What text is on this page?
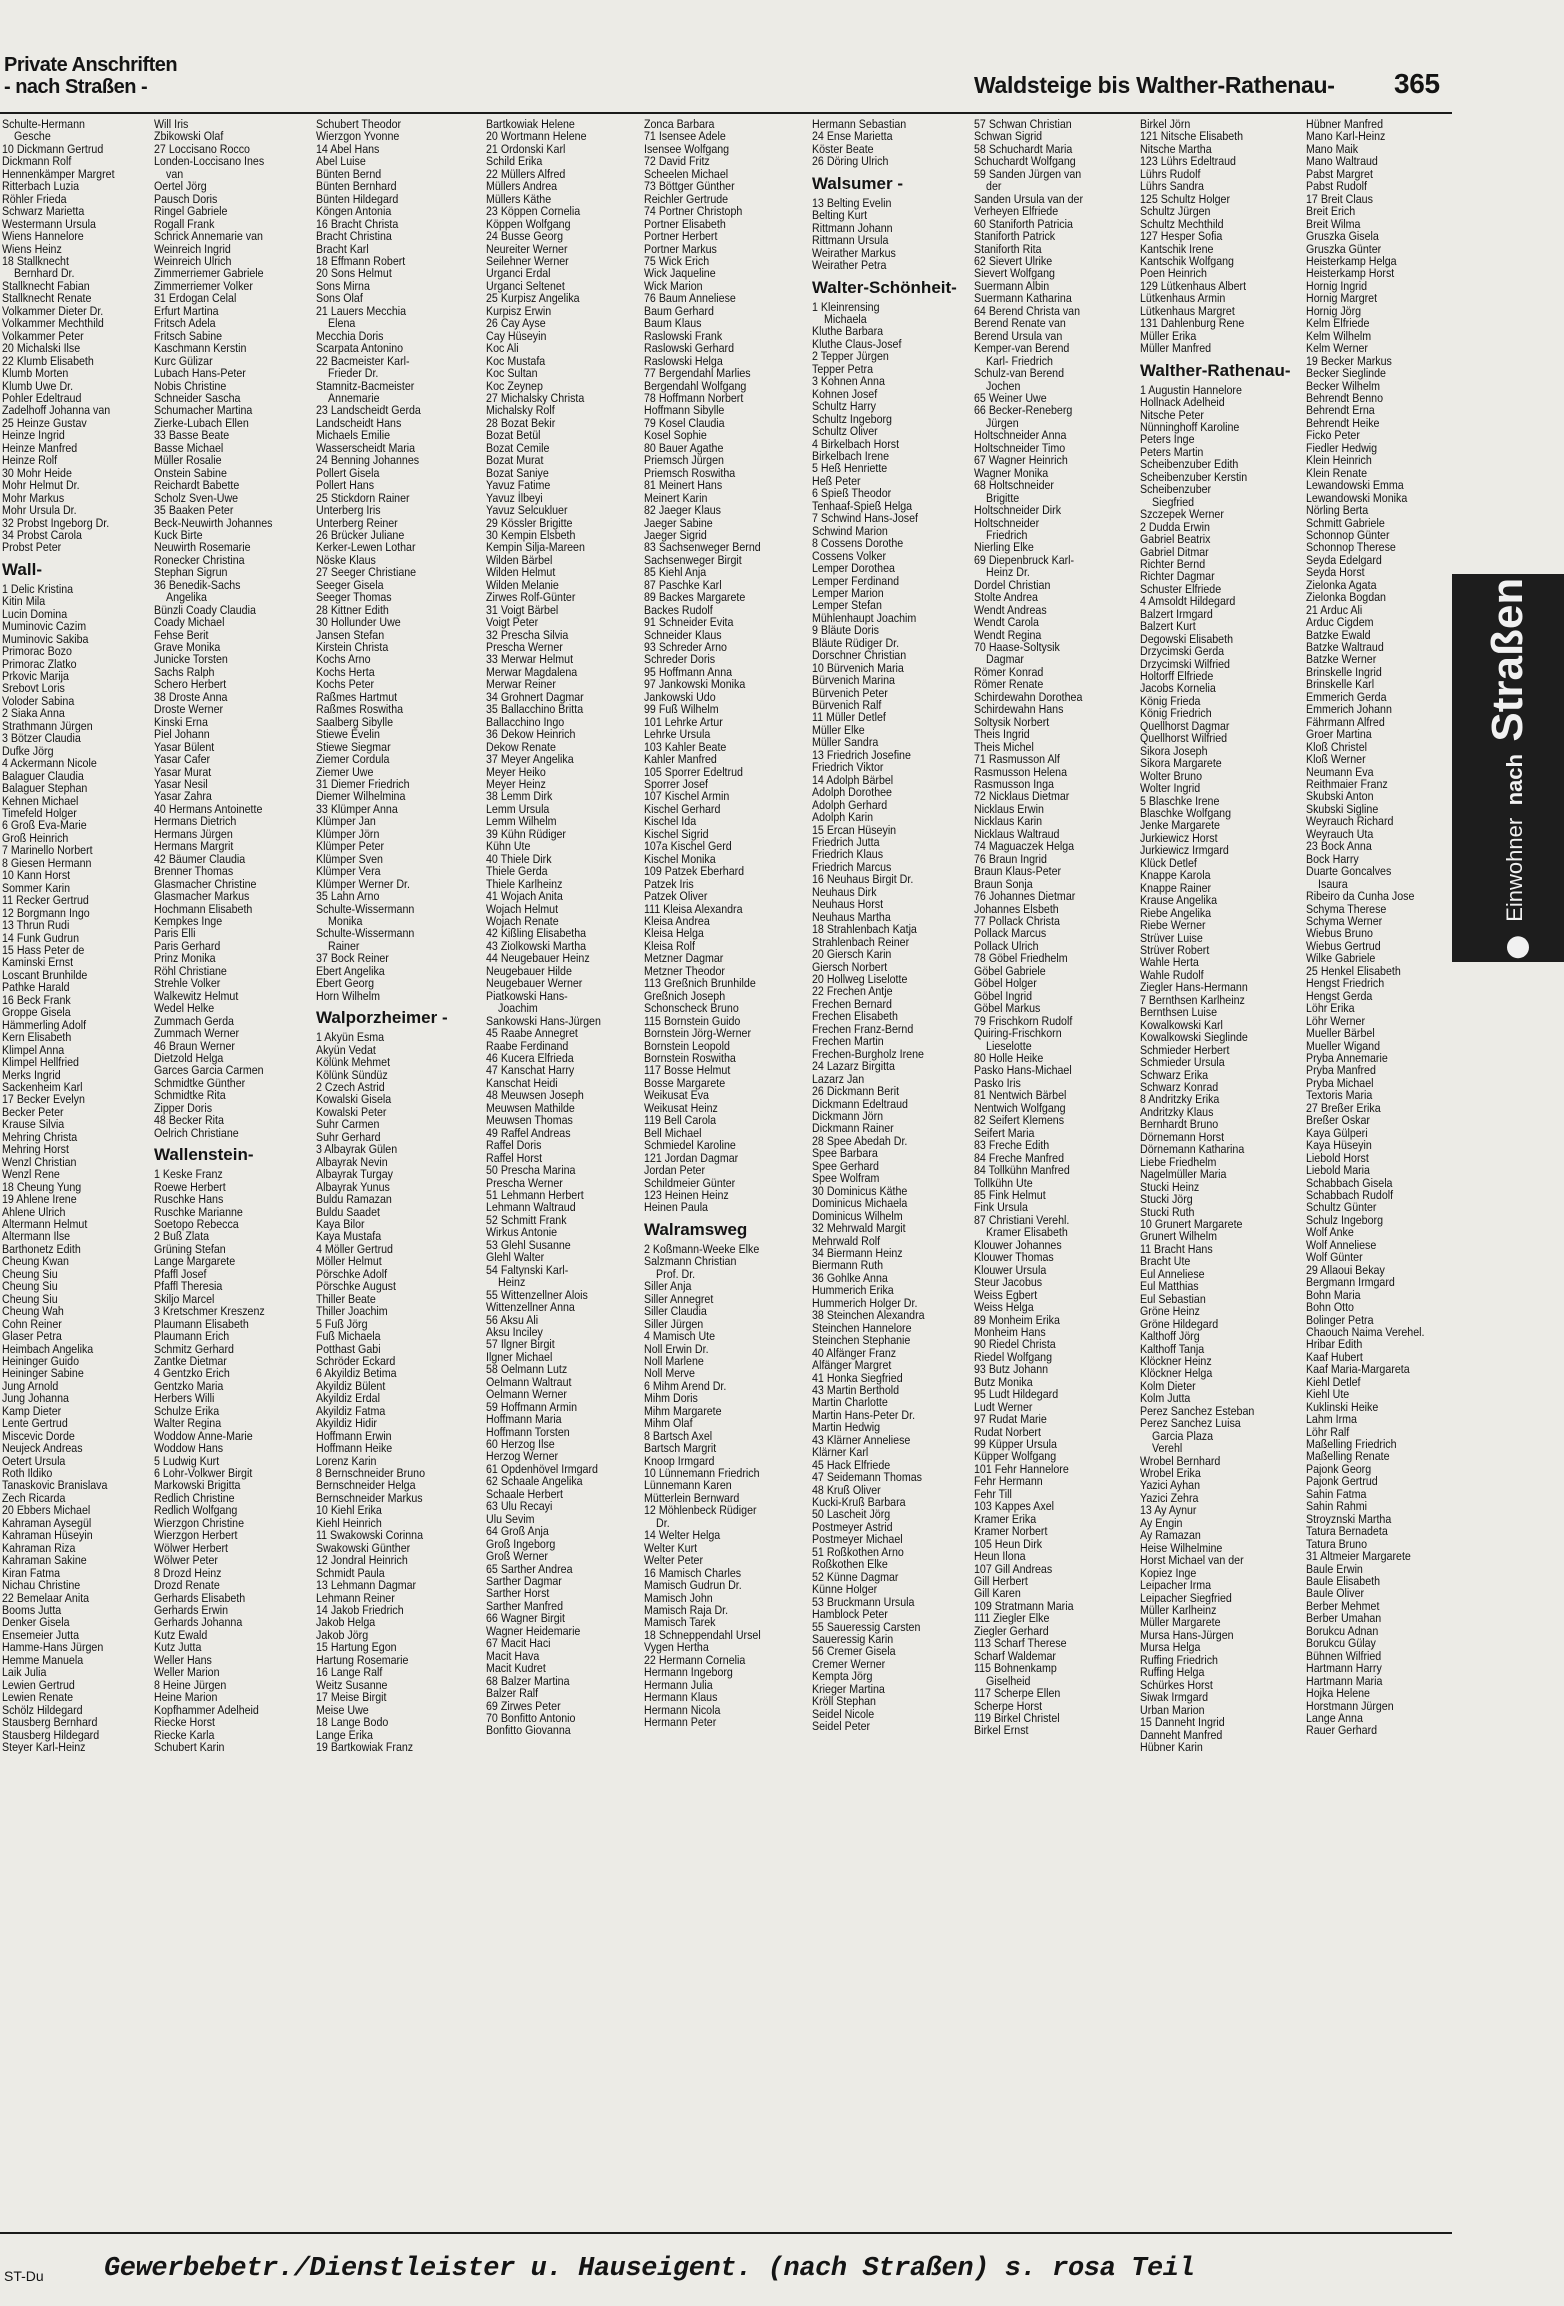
Private Anschriften
- nach Straßen -	Waldsteige bis Walther-Rathenau- 365
Schulte-Hermann
Gesche
10 Dickmann Gertrud
Dickmann Rolf
Hennenkämper Margret
Ritterbach Luzia
Röhler Frieda
Schwarz Marietta
Westermann Ursula
Wiens Hannelore
Wiens Heinz
18 Stallknecht
Bernhard Dr.
Stallknecht Fabian
Stallknecht Renate
Volkammer Dieter Dr.
Volkammer Mechthild
Volkammer Peter
20 Michalski Ilse
22 Klumb Elisabeth
Klumb Morten
Klumb Uwe Dr.
Pohler Edeltraud
Zadelhoff Johanna van
25 Heinze Gustav
Heinze Ingrid
Heinze Manfred
Heinze Rolf
30 Mohr Heide
Mohr Helmut Dr.
Mohr Markus
Mohr Ursula Dr.
32 Probst Ingeborg Dr.
34 Probst Carola
Probst Peter
Wall-
1 Delic Kristina
Kitin Mila
Lucin Domina
Muminovic Cazim
Muminovic Sakiba
Primorac Bozo
Primorac Zlatko
Prkovic Marija
Srebovt Loris
Voloder Sabina
2 Siaka Anna
Strathmann Jürgen
3 Bötzer Claudia
Dufke Jörg
4 Ackermann Nicole
Balaguer Claudia
Balaguer Stephan
Kehnen Michael
Timefeld Holger
6 Groß Eva-Marie
Groß Heinrich
7 Marinello Norbert
8 Giesen Hermann
10 Kann Horst
Sommer Karin
11 Recker Gertrud
12 Borgmann Ingo
13 Thrun Rudi
14 Funk Gudrun
15 Hass Peter de
Kaminski Ernst
Loscant Brunhilde
Pathke Harald
16 Beck Frank
Groppe Gisela
Hämmerling Adolf
Kern Elisabeth
Klimpel Anna
Klimpel Hellfried
Merks Ingrid
Sackenheim Karl
17 Becker Evelyn
Becker Peter
Krause Silvia
Mehring Christa
Mehring Horst
Wenzl Christian
Wenzl Rene
18 Cheung Yung
19 Ahlene Irene
Ahlene Ulrich
Altermann Helmut
Altermann Ilse
Barthonetz Edith
Cheung Kwan
Cheung Siu
Cheung Siu
Cheung Siu
Cheung Wah
Cohn Reiner
Glaser Petra
Heimbach Angelika
Heininger Guido
Heininger Sabine
Jung Arnold
Jung Johanna
Kamp Dieter
Lente Gertrud
Miscevic Dorde
Neujeck Andreas
Oetert Ursula
Roth Ildiko
Tanaskovic Branislava
Zech Ricarda
20 Ebbers Michael
Kahraman Aysegül
Kahraman Hüseyin
Kahraman Riza
Kahraman Sakine
Kiran Fatma
Nichau Christine
22 Bemelaar Anita
Booms Jutta
Denker Gisela
Ensemeier Jutta
Hamme-Hans Jürgen
Hemme Manuela
Laik Julia
Lewien Gertrud
Lewien Renate
Schölz Hildegard
Stausberg Bernhard
Stausberg Hildegard
Steyer Karl-Heinz
Will Iris
Zbikowski Olaf
27 Loccisano Rocco
Londen-Loccisano Ines
van
Oertel Jörg
Pausch Doris
Ringel Gabriele
Rogall Frank
Schrick Annemarie van
Weinreich Ingrid
Weinreich Ulrich
Zimmerriemer Gabriele
Zimmerriemer Volker
31 Erdogan Celal
Erfurt Martina
Fritsch Adela
Fritsch Sabine
Kaschmann Kerstin
Kurc Gülizar
Lubach Hans-Peter
Nobis Christine
Schneider Sascha
Schumacher Martina
Zierke-Lubach Ellen
33 Basse Beate
Basse Michael
Müller Rosalie
Onstein Sabine
Reichardt Babette
Scholz Sven-Uwe
35 Baaken Peter
Beck-Neuwirth Johannes
Kuck Birte
Neuwirth Rosemarie
Ronecker Christina
Stephan Sigrun
36 Benedik-Sachs
Angelika
Bünzli Coady Claudia
Coady Michael
Fehse Berit
Grave Monika
Junicke Torsten
Sachs Ralph
Schero Herbert
38 Droste Anna
Droste Werner
Kinski Erna
Piel Johann
Yasar Bülent
Yasar Cafer
Yasar Murat
Yasar Nesil
Yasar Zahra
40 Hermans Antoinette
Hermans Dietrich
Hermans Jürgen
Hermans Margrit
42 Bäumer Claudia
Brenner Thomas
Glasmacher Christine
Glasmacher Markus
Hochmann Elisabeth
Kempkes Inge
Paris Elli
Paris Gerhard
Prinz Monika
Röhl Christiane
Strehle Volker
Walkewitz Helmut
Wedel Helke
Zummach Gerda
Zummach Werner
46 Braun Werner
Dietzold Helga
Garces Garcia Carmen
Schmidtke Günther
Schmidtke Rita
Zipper Doris
48 Becker Rita
Oelrich Christiane
Wallenstein-
1 Keske Franz
Roewe Herbert
Ruschke Hans
Ruschke Marianne
Soetopo Rebecca
2 Buß Zlata
Grüning Stefan
Lange Margarete
Pfaffl Josef
Pfaffl Theresia
Skiljo Marcel
3 Kretschmer Kreszenz
Plaumann Elisabeth
Plaumann Erich
Schmitz Gerhard
Zantke Dietmar
4 Gentzko Erich
Gentzko Maria
Herbers Willi
Schulze Erika
Walter Regina
Woddow Anne-Marie
Woddow Hans
5 Ludwig Kurt
6 Lohr-Volkwer Birgit
Markowski Brigitta
Redlich Christine
Redlich Wolfgang
Wierzgon Christine
Wierzgon Herbert
Wölwer Herbert
Wölwer Peter
8 Drozd Heinz
Drozd Renate
Gerhards Elisabeth
Gerhards Erwin
Gerhards Johanna
Kutz Ewald
Kutz Jutta
Weller Hans
Weller Marion
8 Heine Jürgen
Heine Marion
Kopfhammer Adelheid
Riecke Horst
Riecke Karla
Schubert Karin
Schubert Theodor
Wierzgon Yvonne
14 Abel Hans
Abel Luise
Bünten Bernd
Bünten Bernhard
Bünten Hildegard
Köngen Antonia
16 Bracht Christa
Bracht Christina
Bracht Karl
18 Effmann Robert
20 Sons Helmut
Sons Mirna
Sons Olaf
21 Lauers Mecchia
Elena
Mecchia Doris
Scarpata Antonino
22 Bacmeister Karl-
Frieder Dr.
Stamnitz-Bacmeister
Annemarie
23 Landscheidt Gerda
Landscheidt Hans
Michaels Emilie
Wasserscheidt Maria
24 Benning Johannes
Pollert Gisela
Pollert Hans
25 Stickdorn Rainer
Unterberg Iris
Unterberg Reiner
26 Brücker Juliane
Kerker-Lewen Lothar
Nöske Klaus
27 Seeger Christiane
Seeger Gisela
Seeger Thomas
28 Kittner Edith
30 Hollunder Uwe
Jansen Stefan
Kirstein Christa
Kochs Arno
Kochs Herta
Kochs Peter
Raßmes Hartmut
Raßmes Roswitha
Saalberg Sibylle
Stiewe Evelin
Stiewe Siegmar
Ziemer Cordula
Ziemer Uwe
31 Diemer Friedrich
Diemer Wilhelmina
33 Klümper Anna
Klümper Jan
Klümper Jörn
Klümper Peter
Klümper Sven
Klümper Vera
Klümper Werner Dr.
35 Lahn Arno
Schulte-Wissermann
Monika
Schulte-Wissermann
Rainer
37 Bock Reiner
Ebert Angelika
Ebert Georg
Horn Wilhelm
Walporzheimer -
1 Akyün Esma
Akyün Vedat
Kölünk Mehmet
Kölünk Sündüz
2 Czech Astrid
Kowalski Gisela
Kowalski Peter
Suhr Carmen
Suhr Gerhard
3 Albayrak Gülen
Albayrak Nevin
Albayrak Turgay
Albayrak Yunus
Buldu Ramazan
Buldu Saadet
Kaya Bilor
Kaya Mustafa
4 Möller Gertrud
Möller Helmut
Pörschke Adolf
Pörschke August
Thiller Beate
Thiller Joachim
5 Fuß Jörg
Fuß Michaela
Potthast Gabi
Schröder Eckard
6 Akyildiz Betima
Akyildiz Bülent
Akyildiz Erdal
Akyildiz Fatma
Akyildiz Hidir
Hoffmann Erwin
Hoffmann Heike
Lorenz Karin
8 Bernschneider Bruno
Bernschneider Helga
Bernschneider Markus
10 Kiehl Erika
Kiehl Heinrich
11 Swakowski Corinna
Swakowski Günther
12 Jondral Heinrich
Schmidt Paula
13 Lehmann Dagmar
Lehmann Reiner
14 Jakob Friedrich
Jakob Helga
Jakob Jörg
15 Hartung Egon
Hartung Rosemarie
16 Lange Ralf
Weitz Susanne
17 Meise Birgit
Meise Uwe
18 Lange Bodo
Lange Erika
19 Bartkowiak Franz
Bartkowiak Helene
20 Wortmann Helene
21 Ordonski Karl
Schild Erika
22 Müllers Alfred
Müllers Andrea
Müllers Käthe
23 Köppen Cornelia
Köppen Wolfgang
24 Busse Georg
Neureiter Werner
Seilehner Werner
Urganci Erdal
Urganci Seltenet
25 Kurpisz Angelika
Kurpisz Erwin
26 Cay Ayse
Cay Hüseyin
Koc Ali
Koc Mustafa
Koc Sultan
Koc Zeynep
27 Michalsky Christa
Michalsky Rolf
28 Bozat Bekir
Bozat Betül
Bozat Cemile
Bozat Murat
Bozat Saniye
Yavuz Fatime
Yavuz İlbeyi
Yavuz Selcukluer
29 Kössler Brigitte
30 Kempin Elsbeth
Kempin Silja-Mareen
Wilden Bärbel
Wilden Helmut
Wilden Melanie
Zirwes Rolf-Günter
31 Voigt Bärbel
Voigt Peter
32 Prescha Silvia
Prescha Werner
33 Merwar Helmut
Merwar Magdalena
Merwar Reiner
34 Grohnert Dagmar
35 Ballacchino Britta
Ballacchino Ingo
36 Dekow Heinrich
Dekow Renate
37 Meyer Angelika
Meyer Heiko
Meyer Heinz
38 Lemm Dirk
Lemm Ursula
Lemm Wilhelm
39 Kühn Rüdiger
Kühn Ute
40 Thiele Dirk
Thiele Gerda
Thiele Karlheinz
41 Wojach Anita
Wojach Helmut
Wojach Renate
42 Kißling Elisabetha
43 Ziolkowski Martha
44 Neugebauer Heinz
Neugebauer Hilde
Neugebauer Werner
Piatkowski Hans-
Joachim
Sankowski Hans-Jürgen
45 Raabe Annegret
Raabe Ferdinand
46 Kucera Elfrieda
47 Kanschat Harry
Kanschat Heidi
48 Meuwsen Joseph
Meuwsen Mathilde
Meuwsen Thomas
49 Raffel Andreas
Raffel Doris
Raffel Horst
50 Prescha Marina
Prescha Werner
51 Lehmann Herbert
Lehmann Waltraud
52 Schmitt Frank
Wirkus Antonie
53 Glehl Susanne
Glehl Walter
54 Faltynski Karl-
Heinz
55 Wittenzellner Alois
Wittenzellner Anna
56 Aksu Ali
Aksu Inciley
57 Ilgner Birgit
Ilgner Michael
58 Oelmann Lutz
Oelmann Waltraut
Oelmann Werner
59 Hoffmann Armin
Hoffmann Maria
Hoffmann Torsten
60 Herzog Ilse
Herzog Werner
61 Opdenhövel Irmgard
62 Schaale Angelika
Schaale Herbert
63 Ulu Recayi
Ulu Sevim
64 Groß Anja
Groß Ingeborg
Groß Werner
65 Sarther Andrea
Sarther Dagmar
Sarther Horst
Sarther Manfred
66 Wagner Birgit
Wagner Heidemarie
67 Macit Haci
Macit Hava
Macit Kudret
68 Balzer Martina
Balzer Ralf
69 Zirwes Peter
70 Bonfitto Antonio
Bonfitto Giovanna
Zonca Barbara
71 Isensee Adele
Isensee Wolfgang
72 David Fritz
Scheelen Michael
73 Böttger Günther
Reichler Gertrude
74 Portner Christoph
Portner Elisabeth
Portner Herbert
Portner Markus
75 Wick Erich
Wick Jaqueline
Wick Marion
76 Baum Anneliese
Baum Gerhard
Baum Klaus
Raslowski Frank
Raslowski Gerhard
Raslowski Helga
77 Bergendahl Marlies
Bergendahl Wolfgang
78 Hoffmann Norbert
Hoffmann Sibylle
79 Kosel Claudia
Kosel Sophie
80 Bauer Agathe
Priemsch Jürgen
Priemsch Roswitha
81 Meinert Hans
Meinert Karin
82 Jaeger Klaus
Jaeger Sabine
Jaeger Sigrid
83 Sachsenweger Bernd
Sachsenweger Birgit
85 Kiehl Anja
87 Paschke Karl
89 Backes Margarete
Backes Rudolf
91 Schneider Evita
Schneider Klaus
93 Schreder Arno
Schreder Doris
95 Hoffmann Anna
97 Jankowski Monika
Jankowski Udo
99 Fuß Wilhelm
101 Lehrke Artur
Lehrke Ursula
103 Kahler Beate
Kahler Manfred
105 Sporrer Edeltrud
Sporrer Josef
107 Kischel Armin
Kischel Gerhard
Kischel Ida
Kischel Sigrid
107a Kischel Gerd
Kischel Monika
109 Patzek Eberhard
Patzek Iris
Patzek Oliver
111 Kleisa Alexandra
Kleisa Andrea
Kleisa Helga
Kleisa Rolf
Metzner Dagmar
Metzner Theodor
113 Greßnich Brunhilde
Greßnich Joseph
Schonscheck Bruno
115 Bornstein Guido
Bornstein Jörg-Werner
Bornstein Leopold
Bornstein Roswitha
117 Bosse Helmut
Bosse Margarete
Weikusat Eva
Weikusat Heinz
119 Bell Carola
Bell Michael
Schmiedel Karoline
121 Jordan Dagmar
Jordan Peter
Schildmeier Günter
123 Heinen Heinz
Heinen Paula
Walramsweg
2 Koßmann-Weeke Elke
Salzmann Christian
Prof. Dr.
Siller Anja
Siller Annegret
Siller Claudia
Siller Jürgen
4 Mamisch Ute
Noll Erwin Dr.
Noll Marlene
Noll Merve
6 Mihm Arend Dr.
Mihm Doris
Mihm Margarete
Mihm Olaf
8 Bartsch Axel
Bartsch Margrit
Knoop Irmgard
10 Lünnemann Friedrich
Lünnemann Karen
Mütterlein Bernward
12 Möhlenbeck Rüdiger
Dr.
14 Welter Helga
Welter Kurt
Welter Peter
16 Mamisch Charles
Mamisch Gudrun Dr.
Mamisch John
Mamisch Raja Dr.
Mamisch Tarek
18 Schneppendahl Ursel
Vygen Hertha
22 Hermann Cornelia
Hermann Ingeborg
Hermann Julia
Hermann Klaus
Hermann Nicola
Hermann Peter
Hermann Sebastian
24 Ense Marietta
Köster Beate
26 Döring Ulrich
Walsumer -
13 Belting Evelin
Belting Kurt
Rittmann Johann
Rittmann Ursula
Weirather Markus
Weirather Petra
Walter-Schönheit-
1 Kleinrensing
Michaela
Kluthe Barbara
Kluthe Claus-Josef
2 Tepper Jürgen
Tepper Petra
3 Kohnen Anna
Kohnen Josef
Schultz Harry
Schultz Ingeborg
Schultz Oliver
4 Birkelbach Horst
Birkelbach Irene
5 Heß Henriette
Heß Peter
6 Spieß Theodor
Tenhaaf-Spieß Helga
7 Schwind Hans-Josef
Schwind Marion
8 Cossens Dorothe
Cossens Volker
Lemper Dorothea
Lemper Ferdinand
Lemper Marion
Lemper Stefan
Mühlenhaupt Joachim
9 Bläute Doris
Bläute Rüdiger Dr.
Dorschner Christian
10 Bürvenich Maria
Bürvenich Marina
Bürvenich Peter
Bürvenich Ralf
11 Müller Detlef
Müller Elke
Müller Sandra
13 Friedrich Josefine
Friedrich Viktor
14 Adolph Bärbel
Adolph Dorothee
Adolph Gerhard
Adolph Karin
15 Ercan Hüseyin
Friedrich Jutta
Friedrich Klaus
Friedrich Marcus
16 Neuhaus Birgit Dr.
Neuhaus Dirk
Neuhaus Horst
Neuhaus Martha
18 Strahlenbach Katja
Strahlenbach Reiner
20 Giersch Karin
Giersch Norbert
20 Hollweg Liselotte
22 Frechen Antje
Frechen Bernard
Frechen Elisabeth
Frechen Franz-Bernd
Frechen Martin
Frechen-Burgholz Irene
24 Lazarz Birgitta
Lazarz Jan
26 Dickmann Berit
Dickmann Edeltraud
Dickmann Jörn
Dickmann Rainer
28 Spee Abedah Dr.
Spee Barbara
Spee Gerhard
Spee Wolfram
30 Dominicus Käthe
Dominicus Michaela
Dominicus Wilhelm
32 Mehrwald Margit
Mehrwald Rolf
34 Biermann Heinz
Biermann Ruth
36 Gohlke Anna
Hummerich Erika
Hummerich Holger Dr.
38 Steinchen Alexandra
Steinchen Hannelore
Steinchen Stephanie
40 Alfänger Franz
Alfänger Margret
41 Honka Siegfried
43 Martin Berthold
Martin Charlotte
Martin Hans-Peter Dr.
Martin Hedwig
43 Klärner Anneliese
Klärner Karl
45 Hack Elfriede
47 Seidemann Thomas
48 Kruß Oliver
Kucki-Kruß Barbara
50 Lascheit Jörg
Postmeyer Astrid
Postmeyer Michael
51 Roßkothen Arno
Roßkothen Elke
52 Künne Dagmar
Künne Holger
53 Bruckmann Ursula
Hamblock Peter
55 Saueressig Carsten
Saueressig Karin
56 Cremer Gisela
Cremer Werner
Kempta Jörg
Krieger Martina
Kröll Stephan
Seidel Nicole
Seidel Peter
57 Schwan Christian
Schwan Sigrid
58 Schuchardt Maria
Schuchardt Wolfgang
59 Sanden Jürgen van
der
Sanden Ursula van der
Verheyen Elfriede
60 Staniforth Patricia
Staniforth Patrick
Staniforth Rita
62 Sievert Ulrike
Sievert Wolfgang
Suermann Albin
Suermann Katharina
64 Berend Christa van
Berend Renate van
Berend Ursula van
Kemper-van Berend
Karl- Friedrich
Schulz-van Berend
Jochen
65 Weiner Uwe
66 Becker-Reneberg
Jürgen
Holtschneider Anna
Holtschneider Timo
67 Wagner Heinrich
Wagner Monika
68 Holtschneider
Brigitte
Holtschneider Dirk
Holtschneider
Friedrich
Nierling Elke
69 Diepenbruck Karl-
Heinz Dr.
Dordel Christian
Stolte Andrea
Wendt Andreas
Wendt Carola
Wendt Regina
70 Haase-Soltysik
Dagmar
Römer Konrad
Römer Renate
Schirdewahn Dorothea
Schirdewahn Hans
Soltysik Norbert
Theis Ingrid
Theis Michel
71 Rasmusson Alf
Rasmusson Helena
Rasmusson Inga
72 Nicklaus Dietmar
Nicklaus Erwin
Nicklaus Karin
Nicklaus Waltraud
74 Maguaczek Helga
76 Braun Ingrid
Braun Klaus-Peter
Braun Sonja
76 Johannes Dietmar
Johannes Elsbeth
77 Pollack Christa
Pollack Marcus
Pollack Ulrich
78 Göbel Friedhelm
Göbel Gabriele
Göbel Holger
Göbel Ingrid
Göbel Markus
79 Frischkorn Rudolf
Quiring-Frischkorn
Lieselotte
80 Holle Heike
Pasko Hans-Michael
Pasko Iris
81 Nentwich Bärbel
Nentwich Wolfgang
82 Seifert Klemens
Seifert Maria
83 Freche Edith
84 Freche Manfred
84 Tollkühn Manfred
Tollkühn Ute
85 Fink Helmut
Fink Ursula
87 Christiani Verehl.
Kramer Elisabeth
Klouwer Johannes
Klouwer Thomas
Klouwer Ursula
Steur Jacobus
Weiss Egbert
Weiss Helga
89 Monheim Erika
Monheim Hans
90 Riedel Christa
Riedel Wolfgang
93 Butz Johann
Butz Monika
95 Ludt Hildegard
Ludt Werner
97 Rudat Marie
Rudat Norbert
99 Küpper Ursula
Küpper Wolfgang
101 Fehr Hannelore
Fehr Hermann
Fehr Till
103 Kappes Axel
Kramer Erika
Kramer Norbert
105 Heun Dirk
Heun Ilona
107 Gill Andreas
Gill Herbert
Gill Karen
109 Stratmann Maria
111 Ziegler Elke
Ziegler Gerhard
113 Scharf Therese
Scharf Waldemar
115 Bohnenkamp
Giselheid
117 Scherpe Ellen
Scherpe Horst
119 Birkel Christel
Birkel Ernst
Birkel Jörn
121 Nitsche Elisabeth
Nitsche Martha
123 Lührs Edeltraud
Lührs Rudolf
Lührs Sandra
125 Schultz Holger
Schultz Jürgen
Schultz Mechthild
127 Hesper Sofia
Kantschik Irene
Kantschik Wolfgang
Poen Heinrich
129 Lütkenhaus Albert
Lütkenhaus Armin
Lütkenhaus Margret
131 Dahlenburg Rene
Müller Erika
Müller Manfred
Walther-Rathenau-
1 Augustin Hannelore
Hollnack Adelheid
Nitsche Peter
Nünninghoff Karoline
Peters Inge
Peters Martin
Scheibenzuber Edith
Scheibenzuber Kerstin
Scheibenzuber
Siegfried
Szczepek Werner
2 Dudda Erwin
Gabriel Beatrix
Gabriel Ditmar
Richter Bernd
Richter Dagmar
Schuster Elfriede
4 Amsoldt Hildegard
Balzert Irmgard
Balzert Kurt
Degowski Elisabeth
Drzycimski Gerda
Drzycimski Wilfried
Holtorff Elfriede
Jacobs Kornelia
König Frieda
König Friedrich
Quellhorst Dagmar
Quellhorst Wilfried
Sikora Joseph
Sikora Margarete
Wolter Bruno
Wolter Ingrid
5 Blaschke Irene
Blaschke Wolfgang
Jenke Margarete
Jurkiewicz Horst
Jurkiewicz Irmgard
Klück Detlef
Knappe Karola
Knappe Rainer
Krause Angelika
Riebe Angelika
Riebe Werner
Strüver Luise
Strüver Robert
Wahle Herta
Wahle Rudolf
Ziegler Hans-Hermann
7 Bernthsen Karlheinz
Bernthsen Luise
Kowalkowski Karl
Kowalkowski Sieglinde
Schmieder Herbert
Schmieder Ursula
Schwarz Erika
Schwarz Konrad
8 Andritzky Erika
Andritzky Klaus
Bernhardt Bruno
Dörnemann Horst
Dörnemann Katharina
Liebe Friedhelm
Nagelmüller Maria
Stucki Heinz
Stucki Jörg
Stucki Ruth
10 Grunert Margarete
Grunert Wilhelm
11 Bracht Hans
Bracht Ute
Eul Anneliese
Eul Matthias
Eul Sebastian
Gröne Heinz
Gröne Hildegard
Kalthoff Jörg
Kalthoff Tanja
Klöckner Heinz
Klöckner Helga
Kolm Dieter
Kolm Jutta
Perez Sanchez Esteban
Perez Sanchez Luisa
Garcia Plaza
Verehl
Wrobel Bernhard
Wrobel Erika
Yazici Ayhan
Yazici Zehra
13 Ay Aynur
Ay Engin
Ay Ramazan
Heise Wilhelmine
Horst Michael van der
Kopiez Inge
Leipacher Irma
Leipacher Siegfried
Müller Karlheinz
Müller Margarete
Mursa Hans-Jürgen
Mursa Helga
Ruffing Friedrich
Ruffing Helga
Schürkes Horst
Siwak Irmgard
Urban Marion
15 Danneht Ingrid
Danneht Manfred
Hübner Karin
Hübner Manfred
Mano Karl-Heinz
Mano Maik
Mano Waltraud
Pabst Margret
Pabst Rudolf
17 Breit Claus
Breit Erich
Breit Wilma
Gruszka Gisela
Gruszka Günter
Heisterkamp Helga
Heisterkamp Horst
Hornig Ingrid
Hornig Margret
Hornig Jörg
Kelm Elfriede
Kelm Wilhelm
Kelm Werner
19 Becker Markus
Becker Sieglinde
Becker Wilhelm
Behrendt Benno
Behrendt Erna
Behrendt Heike
Ficko Peter
Fiedler Hedwig
Klein Heinrich
Klein Renate
Lewandowski Emma
Lewandowski Monika
Nörling Berta
Schmitt Gabriele
Schonnop Günter
Schonnop Therese
Seyda Edelgard
Seyda Horst
Zielonka Agata
Zielonka Bogdan
21 Arduc Ali
Arduc Cigdem
Batzke Ewald
Batzke Waltraud
Batzke Werner
Brinskelle Ingrid
Brinskelle Karl
Emmerich Gerda
Emmerich Johann
Fährmann Alfred
Groer Martina
Kloß Christel
Kloß Werner
Neumann Eva
Reithmaier Franz
Skubski Anton
Skubski Sigline
Weyrauch Richard
Weyrauch Uta
23 Bock Anna
Bock Harry
Duarte Goncalves
Isaura
Ribeiro da Cunha Jose
Schyma Therese
Schyma Werner
Wiebus Bruno
Wiebus Gertrud
Wilke Gabriele
25 Henkel Elisabeth
Hengst Friedrich
Hengst Gerda
Löhr Erika
Löhr Werner
Mueller Bärbel
Mueller Wigand
Pryba Annemarie
Pryba Manfred
Pryba Michael
Textoris Maria
27 Breßer Erika
Breßer Oskar
Kaya Gülperi
Kaya Hüseyin
Liebold Horst
Liebold Maria
Schabbach Gisela
Schabbach Rudolf
Schultz Günter
Schulz Ingeborg
Wolf Anke
Wolf Anneliese
Wolf Günter
29 Allaoui Bekay
Bergmann Irmgard
Bohn Maria
Bohn Otto
Bolinger Petra
Chaouch Naima Verehel.
Hribar Edith
Kaaf Hubert
Kaaf Maria-Margareta
Kiehl Detlef
Kiehl Ute
Kuklinski Heike
Lahm Irma
Löhr Ralf
Maßelling Friedrich
Maßelling Renate
Pajonk Georg
Pajonk Gertrud
Sahin Fatma
Sahin Rahmi
Stroyznski Martha
Tatura Bernadeta
Tatura Bruno
31 Altmeier Margarete
Baule Erwin
Baule Elisabeth
Baule Oliver
Berber Mehmet
Berber Umahan
Borukcu Adnan
Borukcu Gülay
Bühnen Wilfried
Hartmann Harry
Hartmann Maria
Hojka Helene
Horstmann Jürgen
Lange Anna
Rauer Gerhard
Einwohner nach Straßen
ST-Du Gewerbebetr./Dienstleister u. Hauseigent. (nach Straßen) s. rosa Teil
